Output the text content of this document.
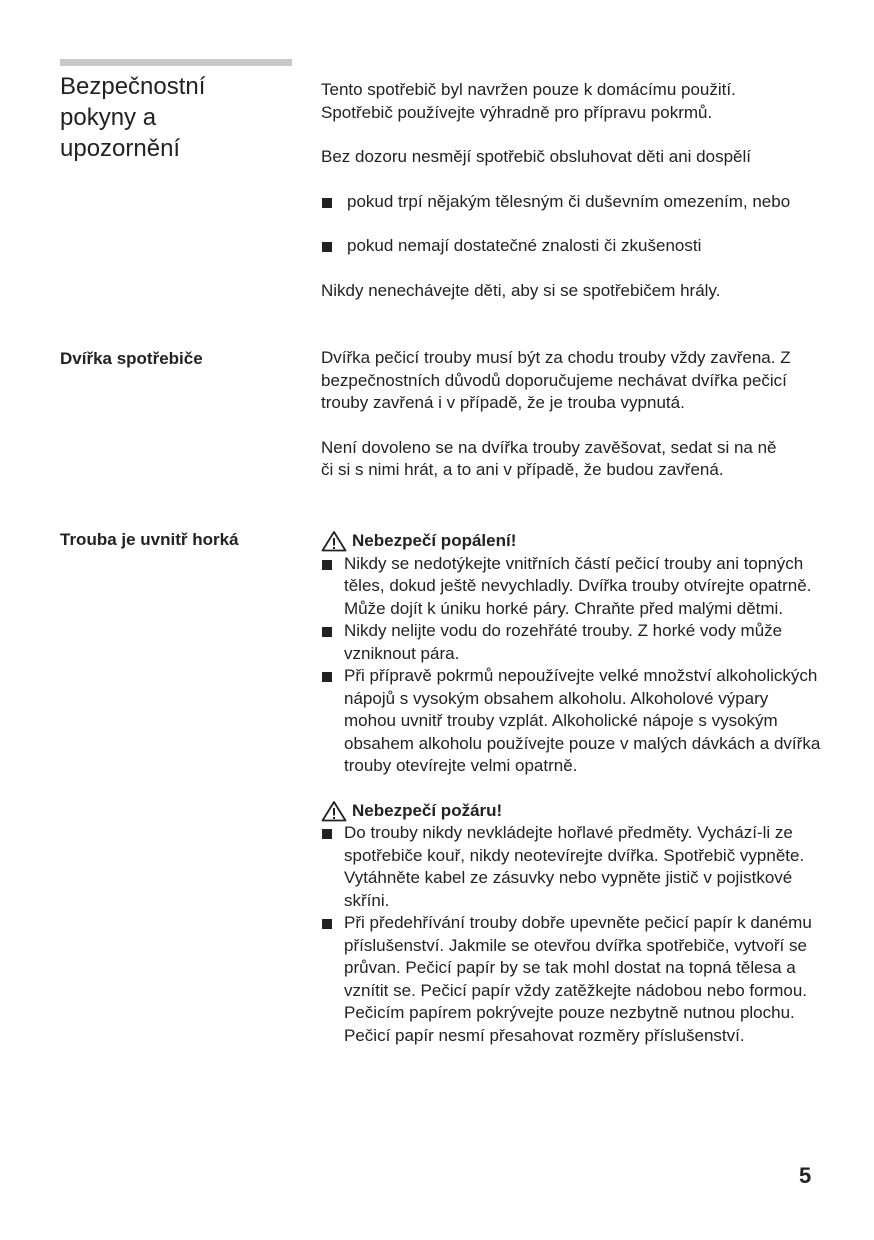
Bezpečnostní
pokyny a
upozornění

Tento spotřebič byl navržen pouze k domácímu použití.
Spotřebič používejte výhradně pro přípravu pokrmů.

Bez dozoru nesmějí spotřebič obsluhovat děti ani dospělí

pokud trpí nějakým tělesným či duševním omezením, nebo
pokud nemají dostatečné znalosti či zkušenosti

Nikdy nenechávejte děti, aby si se spotřebičem hrály.

Dvířka spotřebiče	Dvířka pečicí trouby musí být za chodu trouby vždy zavřena. Z bezpečnostních důvodů doporučujeme nechávat dvířka pečicí trouby zavřená i v případě, že je trouba vypnutá.

Není dovoleno se na dvířka trouby zavěšovat, sedat si na ně či si s nimi hrát, a to ani v případě, že budou zavřená.

Trouba je uvnitř horká	Nebezpečí popálení!
Nikdy se nedotýkejte vnitřních částí pečicí trouby ani topných těles, dokud ještě nevychladly. Dvířka trouby otvírejte opatrně. Může dojít k úniku horké páry. Chraňte před malými dětmi.
Nikdy nelijte vodu do rozehřáté trouby. Z horké vody může vzniknout pára.
Při přípravě pokrmů nepoužívejte velké množství alkoholických nápojů s vysokým obsahem alkoholu. Alkoholové výpary mohou uvnitř trouby vzplát. Alkoholické nápoje s vysokým obsahem alkoholu používejte pouze v malých dávkách a dvířka trouby otevírejte velmi opatrně.
Nebezpečí požáru!
Do trouby nikdy nevkládejte hořlavé předměty. Vychází-li ze spotřebiče kouř, nikdy neotevírejte dvířka. Spotřebič vypněte.
Vytáhněte kabel ze zásuvky nebo vypněte jistič v pojistkové skříni.
Při předehřívání trouby dobře upevněte pečicí papír k danému příslušenství. Jakmile se otevřou dvířka spotřebiče, vytvoří se průvan. Pečicí papír by se tak mohl dostat na topná tělesa a vznítit se. Pečicí papír vždy zatěžkejte nádobou nebo formou. Pečicím papírem pokrývejte pouze nezbytně nutnou plochu. Pečicí papír nesmí přesahovat rozměry příslušenství.
5
